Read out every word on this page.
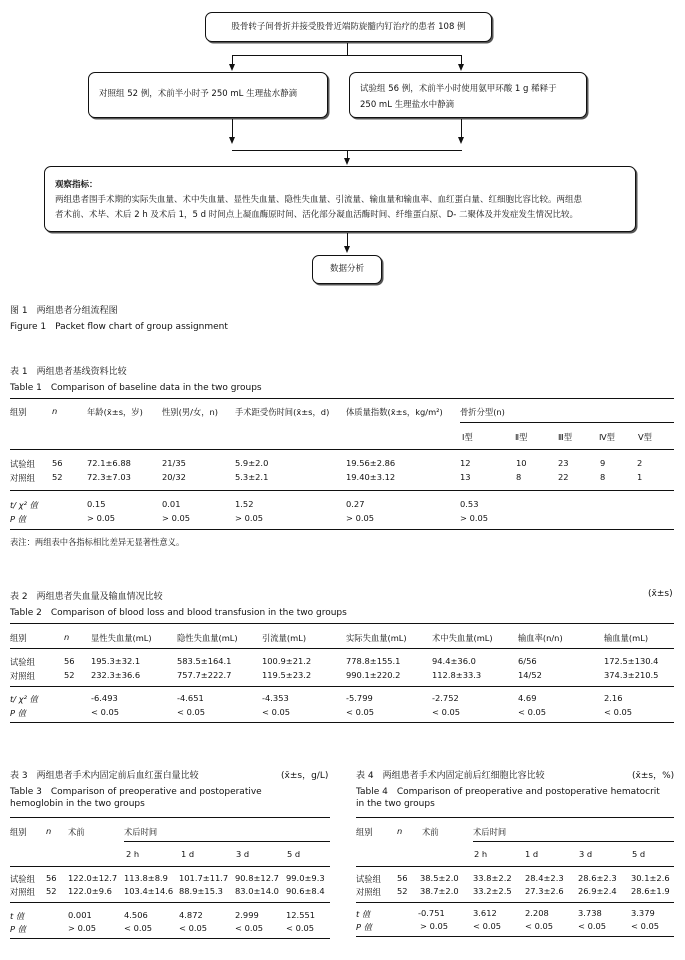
股骨转子间骨折并接受股骨近端防旋髓内钉治疗的患者 108 例
对照组 52 例，术前半小时予 250 mL 生理盐水静滴	试验组 56 例，术前半小时使用氨甲环酸 1 g 稀释于
250 mL 生理盐水中静滴
观察指标：
两组患者围手术期的实际失血量、术中失血量、显性失血量、隐性失血量、引流量、输血量和输血率、血红蛋白量、红细胞比容比较。两组患
者术前、术毕、术后 2 h 及术后 1，5 d 时间点上凝血酶原时间、活化部分凝血活酶时间、纤维蛋白原、D- 二聚体及并发症发生情况比较。
数据分析
图 1　两组患者分组流程图
Figure 1　Packet flow chart of group assignment
表 1　两组患者基线资料比较
Table 1　Comparison of baseline data in the two groups
组别	n	年龄(x̄±s，岁) 性别(男/女，n) 手术距受伤时间(x̄±s，d) 体质量指数(x̄±s，kg/m²) 骨折分型(n)
Ⅰ型	Ⅱ型	Ⅲ型	Ⅳ型	Ⅴ型
试验组 56	72.1±6.88	21/35	5.9±2.0	19.56±2.86	12	10	23	9	2
对照组 52	72.3±7.03	20/32	5.3±2.1	19.40±3.12	13	8	22	8	1
t/ χ² 值	0.15	0.01	1.52	0.27	0.53
P 值	> 0.05	> 0.05	> 0.05	> 0.05	> 0.05
表注：两组表中各指标相比差异无显著性意义。
表 2　两组患者失血量及输血情况比较	(x̄±s)
Table 2　Comparison of blood loss and blood transfusion in the two groups
组别	n	显性失血量(mL)	隐性失血量(mL)	引流量(mL)	实际失血量(mL)	术中失血量(mL)	输血率(n/n)	输血量(mL)
试验组	56 195.3±32.1	583.5±164.1	100.9±21.2	778.8±155.1	94.4±36.0	6/56	172.5±130.4
对照组	52 232.3±36.6	757.7±222.7	119.5±23.2	990.1±220.2	112.8±33.3	14/52	374.3±210.5
t/ χ² 值	-6.493	-4.651	-4.353	-5.799	-2.752	4.69	2.16
P 值	< 0.05	< 0.05	< 0.05	< 0.05	< 0.05	< 0.05	< 0.05
表 3　两组患者手术内固定前后血红蛋白量比较	(x̄±s，g/L)
Table 3　Comparison of preoperative and postoperative
hemoglobin in the two groups
组别 n 术前	术后时间
2 h	1 d	3 d	5 d
试验组 56 122.0±12.7 113.8±8.9 101.7±11.7 90.8±12.7 99.0±9.3
对照组 52 122.0±9.6 103.4±14.6 88.9±15.3 83.0±14.0 90.6±8.4
t 值	0.001	4.506	4.872	2.999	12.551
P 值	> 0.05	< 0.05	< 0.05	< 0.05	< 0.05
表 4　两组患者手术内固定前后红细胞比容比较	(x̄±s，%)
Table 4　Comparison of preoperative and postoperative hematocrit
in the two groups
组别	n 术前	术后时间
2 h	1 d	3 d	5 d
试验组 56 38.5±2.0 33.8±2.2 28.4±2.3 28.6±2.3 30.1±2.6
对照组 52 38.7±2.0 33.2±2.5 27.3±2.6 26.9±2.4 28.6±1.9
t 值	-0.751	3.612	2.208	3.738	3.379
P 值	> 0.05	< 0.05	< 0.05	< 0.05	< 0.05
